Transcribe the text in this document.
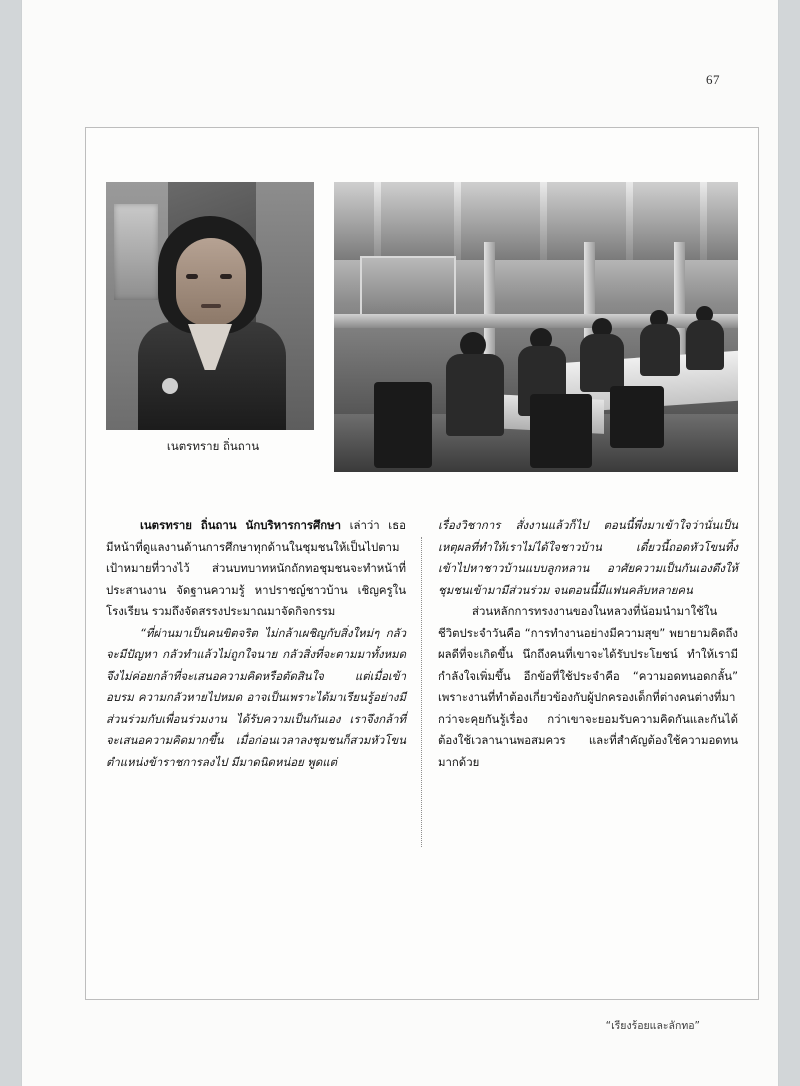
67
เนตรทราย ถิ่นถาน

เนตรทราย ถิ่นถาน นักบริหารการศึกษา เล่าว่า เธอมีหน้าที่ดูแลงานด้านการศึกษาทุกด้านในชุมชนให้เป็นไปตามเป้าหมายที่วางไว้ ส่วนบทบาทหนักถักทอชุมชนจะทำหน้าที่ประสานงาน จัดฐานความรู้ หาปราชญ์ชาวบ้าน เชิญครูในโรงเรียน รวมถึงจัดสรรงประมาณมาจัดกิจกรรม

“ที่ผ่านมาเป็นคนขิตจริต ไม่กล้าเผชิญกับสิ่งใหม่ๆ กลัวจะมีปัญหา กลัวทำแล้วไม่ถูกใจนาย กลัวสิ่งที่จะตามมาทั้งหมด จึงไม่ค่อยกล้าที่จะเสนอความคิดหรือตัดสินใจ แต่เมื่อเข้าอบรม ความกลัวหายไปหมด อาจเป็นเพราะได้มาเรียนรู้อย่างมีส่วนร่วมกับเพื่อนร่วมงาน ได้รับความเป็นกันเอง เราจึงกล้าที่จะเสนอความคิดมากขึ้น เมื่อก่อนเวลาลงชุมชนก็สวมหัวโขนตำแหน่งข้าราชการลงไป มีมาดนิดหน่อย พูดแต่

เรื่องวิชาการ สั่งงานแล้วก็ไป ตอนนี้พึ่งมาเข้าใจว่านั่นเป็นเหตุผลที่ทำให้เราไม่ได้ใจชาวบ้าน เดี๋ยวนี้ถอดหัวโขนทิ้ง เข้าไปหาชาวบ้านแบบลูกหลาน อาศัยความเป็นกันเองดึงให้ชุมชนเข้ามามีส่วนร่วม จนตอนนี้มีแฟนคลับหลายคน

ส่วนหลักการทรงงานของในหลวงที่น้อมนำมาใช้ในชีวิตประจำวันคือ “การทำงานอย่างมีความสุข” พยายามคิดถึงผลดีที่จะเกิดขึ้น นึกถึงคนที่เขาจะได้รับประโยชน์ ทำให้เรามีกำลังใจเพิ่มขึ้น อีกข้อที่ใช้ประจำคือ “ความอดทนอดกลั้น” เพราะงานที่ทำต้องเกี่ยวข้องกับผู้ปกครองเด็กที่ต่างคนต่างที่มา กว่าจะคุยกันรู้เรื่อง กว่าเขาจะยอมรับความคิดกันและกันได้ ต้องใช้เวลานานพอสมควร และที่สำคัญต้องใช้ความอดทนมากด้วย

“เรียงร้อยและลักทอ”
